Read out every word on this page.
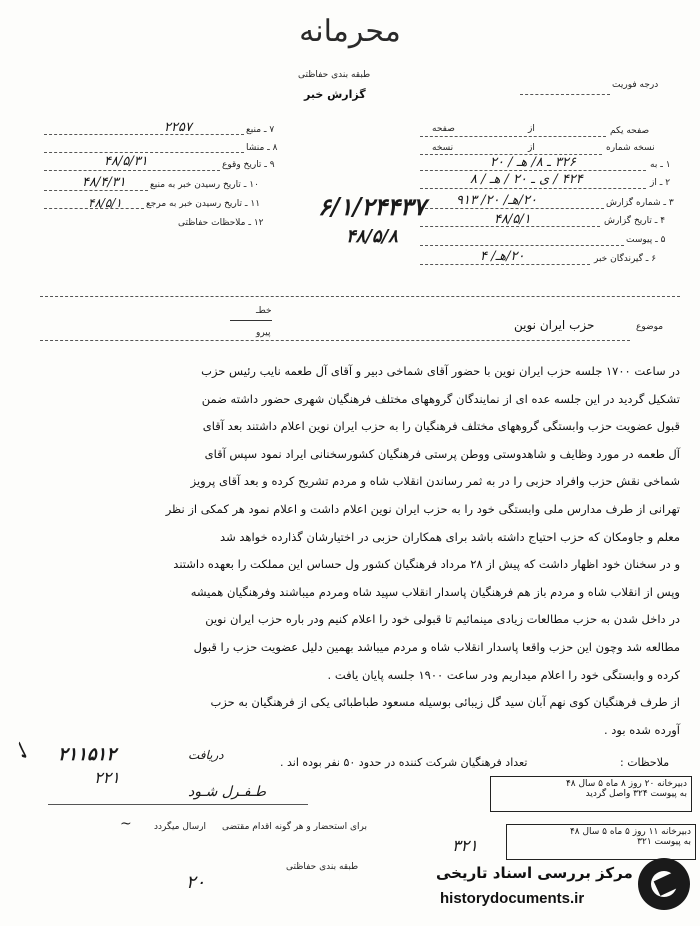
محرمانه
طبقه بندی حفاظتی
گزارش خبر
درجه فوریت
۷ ـ منبع
۲۲۵۷
۸ ـ منشا
۹ ـ تاریخ وقوع
۴۸/۵/۳۱
۱۰ ـ تاریخ رسیدن خبر به منبع
۴۸/۴/۳۱
۱۱ ـ تاریخ رسیدن خبر به مرجع
۴۸/۵/۱
۱۲ ـ ملاحظات حفاظتی
صفحه یکم
از
صفحه
نسخه شماره
از
نسخه
۱ ـ به
۳۲۶ ـ ۸/ هـ / ۲۰
۲ ـ از
۴۲۴ / ی ـ ۲۰ / هـ / ۸
۳ ـ شماره گزارش
۲۰/هـ/ ۲۰/ ۹۱۳
۴ ـ تاریخ گزارش
۴۸/۵/۱
۵ ـ پیوست
۶ ـ گیرندگان خبر
۲۰/هـ/ ۴
۶/۱/۲۴۴۳۷
۴۸/۵/۸
خطـ
پیرو
موضوع
حزب ایران نوین
در ساعت ۱۷۰۰ جلسه حزب ایران نوین با حضور آقای شماخی دبیر و آقای آل طعمه نایب رئیس حزب
تشکیل گردید در این جلسه عده ای از نمایندگان گروههای مختلف فرهنگیان شهری حضور داشته ضمن
قبول عضویت حزب وابستگی گروههای مختلف فرهنگیان را به حزب ایران نوین اعلام داشتند بعد آقای
آل طعمه در مورد وظایف و شاهدوستی ووطن پرستی فرهنگیان کشورسخنانی ایراد نمود سپس آقای
شماخی نقش حزب وافراد حزبی را در به ثمر رساندن انقلاب شاه و مردم تشریح کرده و بعد آقای پرویز
تهرانی از طرف مدارس ملی وابستگی خود را به حزب ایران نوین اعلام داشت و اعلام نمود هر کمکی از نظر
معلم و جاومکان که حزب احتیاج داشته باشد برای همکاران حزبی در اختیارشان گذارده خواهد شد
و در سخنان خود اظهار داشت که پیش از ۲۸ مرداد فرهنگیان کشور ول حساس این مملکت را بعهده داشتند
وپس از انقلاب شاه و مردم باز هم فرهنگیان پاسدار انقلاب سپید شاه ومردم میباشند وفرهنگیان همیشه
در داخل شدن به حزب مطالعات زیادی مینمائیم تا قبولی خود را اعلام کنیم ودر باره حزب ایران نوین
مطالعه شد وچون این حزب واقعا پاسدار انقلاب شاه و مردم میباشد بهمین دلیل عضویت حزب را قبول
کرده و وابستگی خود را اعلام میداریم ودر ساعت ۱۹۰۰ جلسه پایان یافت .
از طرف فرهنگیان کوی نهم آبان سید گل زیبائی بوسیله مسعود طباطبائی یکی از فرهنگیان به حزب
آورده شده بود .
ملاحظات :
تعداد فرهنگیان شرکت کننده در حدود ۵۰ نفر بوده اند .
✓ ۲۱۱۵۱۲
۲۲۱
دریافت
طـفـرل شـود
برای استحضار و هر گونه اقدام مقتضی
ارسال میگردد
~
طبقه بندی حفاظتی
۲۰
دبیرخانه ۲۰ روز ۸ ماه ۵ سال ۴۸
به پیوست ۳۲۴ واصل گردید
دبیرخانه ۱۱ روز ۵ ماه ۵ سال ۴۸
به پیوست ۳۲۱
۳۲۱
مرکز بررسی اسناد تاریخی
historydocuments.ir
